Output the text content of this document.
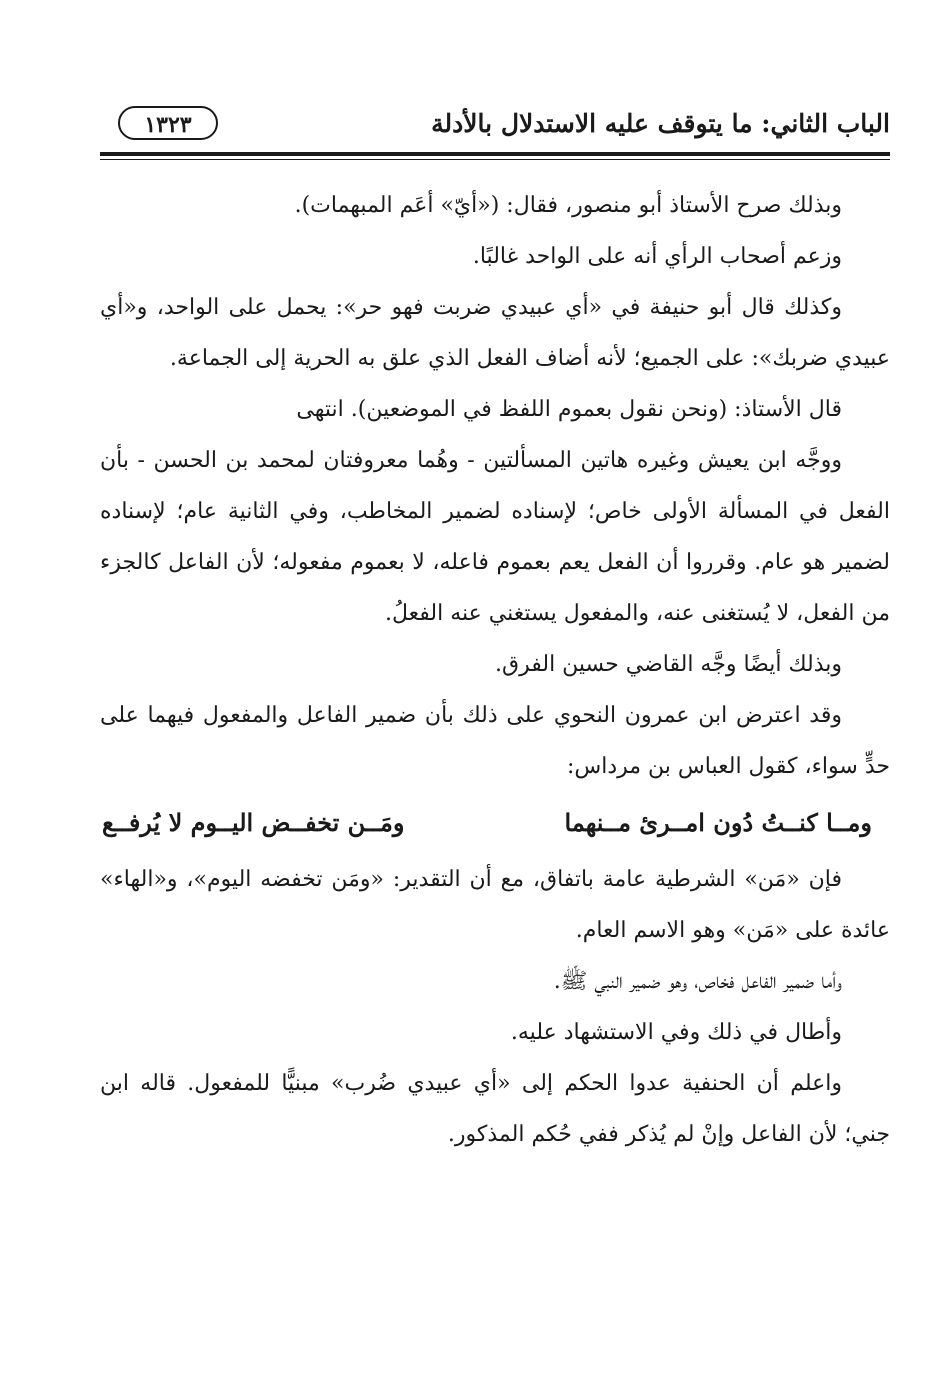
الباب الثاني: ما يتوقف عليه الاستدلال بالأدلة
١٣٢٣

وبذلك صرح الأستاذ أبو منصور، فقال: («أيّ» أعَم المبهمات).

وزعم أصحاب الرأي أنه على الواحد غالبًا.

وكذلك قال أبو حنيفة في «أي عبيدي ضربت فهو حر»: يحمل على الواحد، و«أي عبيدي ضربك»: على الجميع؛ لأنه أضاف الفعل الذي علق به الحرية إلى الجماعة.

قال الأستاذ: (ونحن نقول بعموم اللفظ في الموضعين). انتهى

ووجَّه ابن يعيش وغيره هاتين المسألتين - وهُما معروفتان لمحمد بن الحسن - بأن الفعل في المسألة الأولى خاص؛ لإسناده لضمير المخاطب، وفي الثانية عام؛ لإسناده لضمير هو عام. وقرروا أن الفعل يعم بعموم فاعله، لا بعموم مفعوله؛ لأن الفاعل كالجزء من الفعل، لا يُستغنى عنه، والمفعول يستغني عنه الفعلُ.

وبذلك أيضًا وجَّه القاضي حسين الفرق.

وقد اعترض ابن عمرون النحوي على ذلك بأن ضمير الفاعل والمفعول فيهما على حدٍّ سواء، كقول العباس بن مرداس:

ومــا كنــتُ دُون امــرئ مــنهما
ومَــن تخفــض اليــوم لا يُرفــع

فإن «مَن» الشرطية عامة باتفاق، مع أن التقدير: «ومَن تخفضه اليوم»، و«الهاء» عائدة على «مَن» وهو الاسم العام.

وأما ضمير الفاعل فخاص، وهو ضمير النبي ﷺ.

وأطال في ذلك وفي الاستشهاد عليه.

واعلم أن الحنفية عدوا الحكم إلى «أي عبيدي ضُرب» مبنيًّا للمفعول. قاله ابن جني؛ لأن الفاعل وإنْ لم يُذكر ففي حُكم المذكور.
